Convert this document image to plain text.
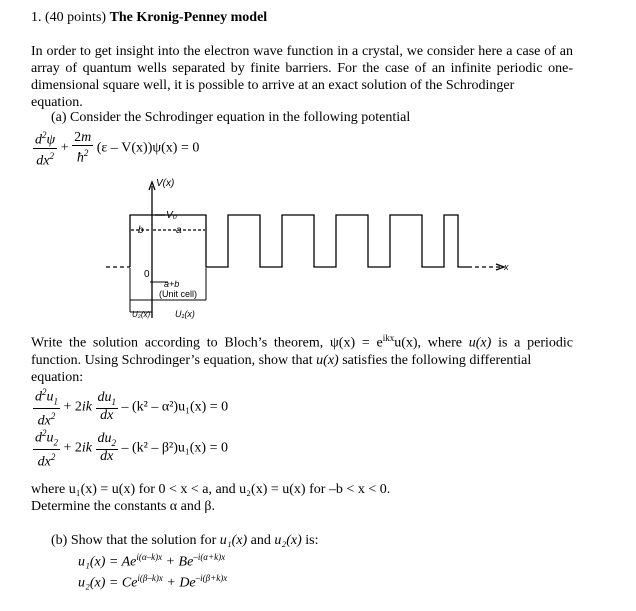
1. (40 points) The Kronig-Penney model
In order to get insight into the electron wave function in a crystal, we consider here a case of an array of quantum wells separated by finite barriers. For the case of an infinite periodic one- dimensional square well, it is possible to arrive at an exact solution of the Schrodinger
equation.
(a) Consider the Schrodinger equation in the following potential
$\frac{d^2\psi}{dx^2} + \frac{2m}{ħ^2} (\varepsilon - V(x))\psi(x) = 0$
V(x)
V₀
b	a
0
a+b
(Unit cell)
U₂(x)	U₁(x)
x
Write the solution according to Bloch’s theorem, $\psi(x) = e^{ikx}u(x)$, where u(x) is a periodic function. Using Schrodinger’s equation, show that u(x) satisfies the following differential
equation:
$\frac{d^2u_1}{dx^2} + 2ik \frac{du_1}{dx} - (k^2 - \alpha^2)u_1(x) = 0$
$\frac{d^2u_2}{dx^2} + 2ik \frac{du_2}{dx} - (k^2 - \beta^2)u_1(x) = 0$
where u₁(x) = u(x) for 0 < x < a, and u₂(x) = u(x) for –b < x < 0.
Determine the constants α and β.
(b) Show that the solution for u₁(x) and u₂(x) is:
$u_1(x) = Ae^{i(\alpha-k)x} + Be^{-i(\alpha+k)x}$
$u_2(x) = Ce^{i(\beta-k)x} + De^{-i(\beta+k)x}$
